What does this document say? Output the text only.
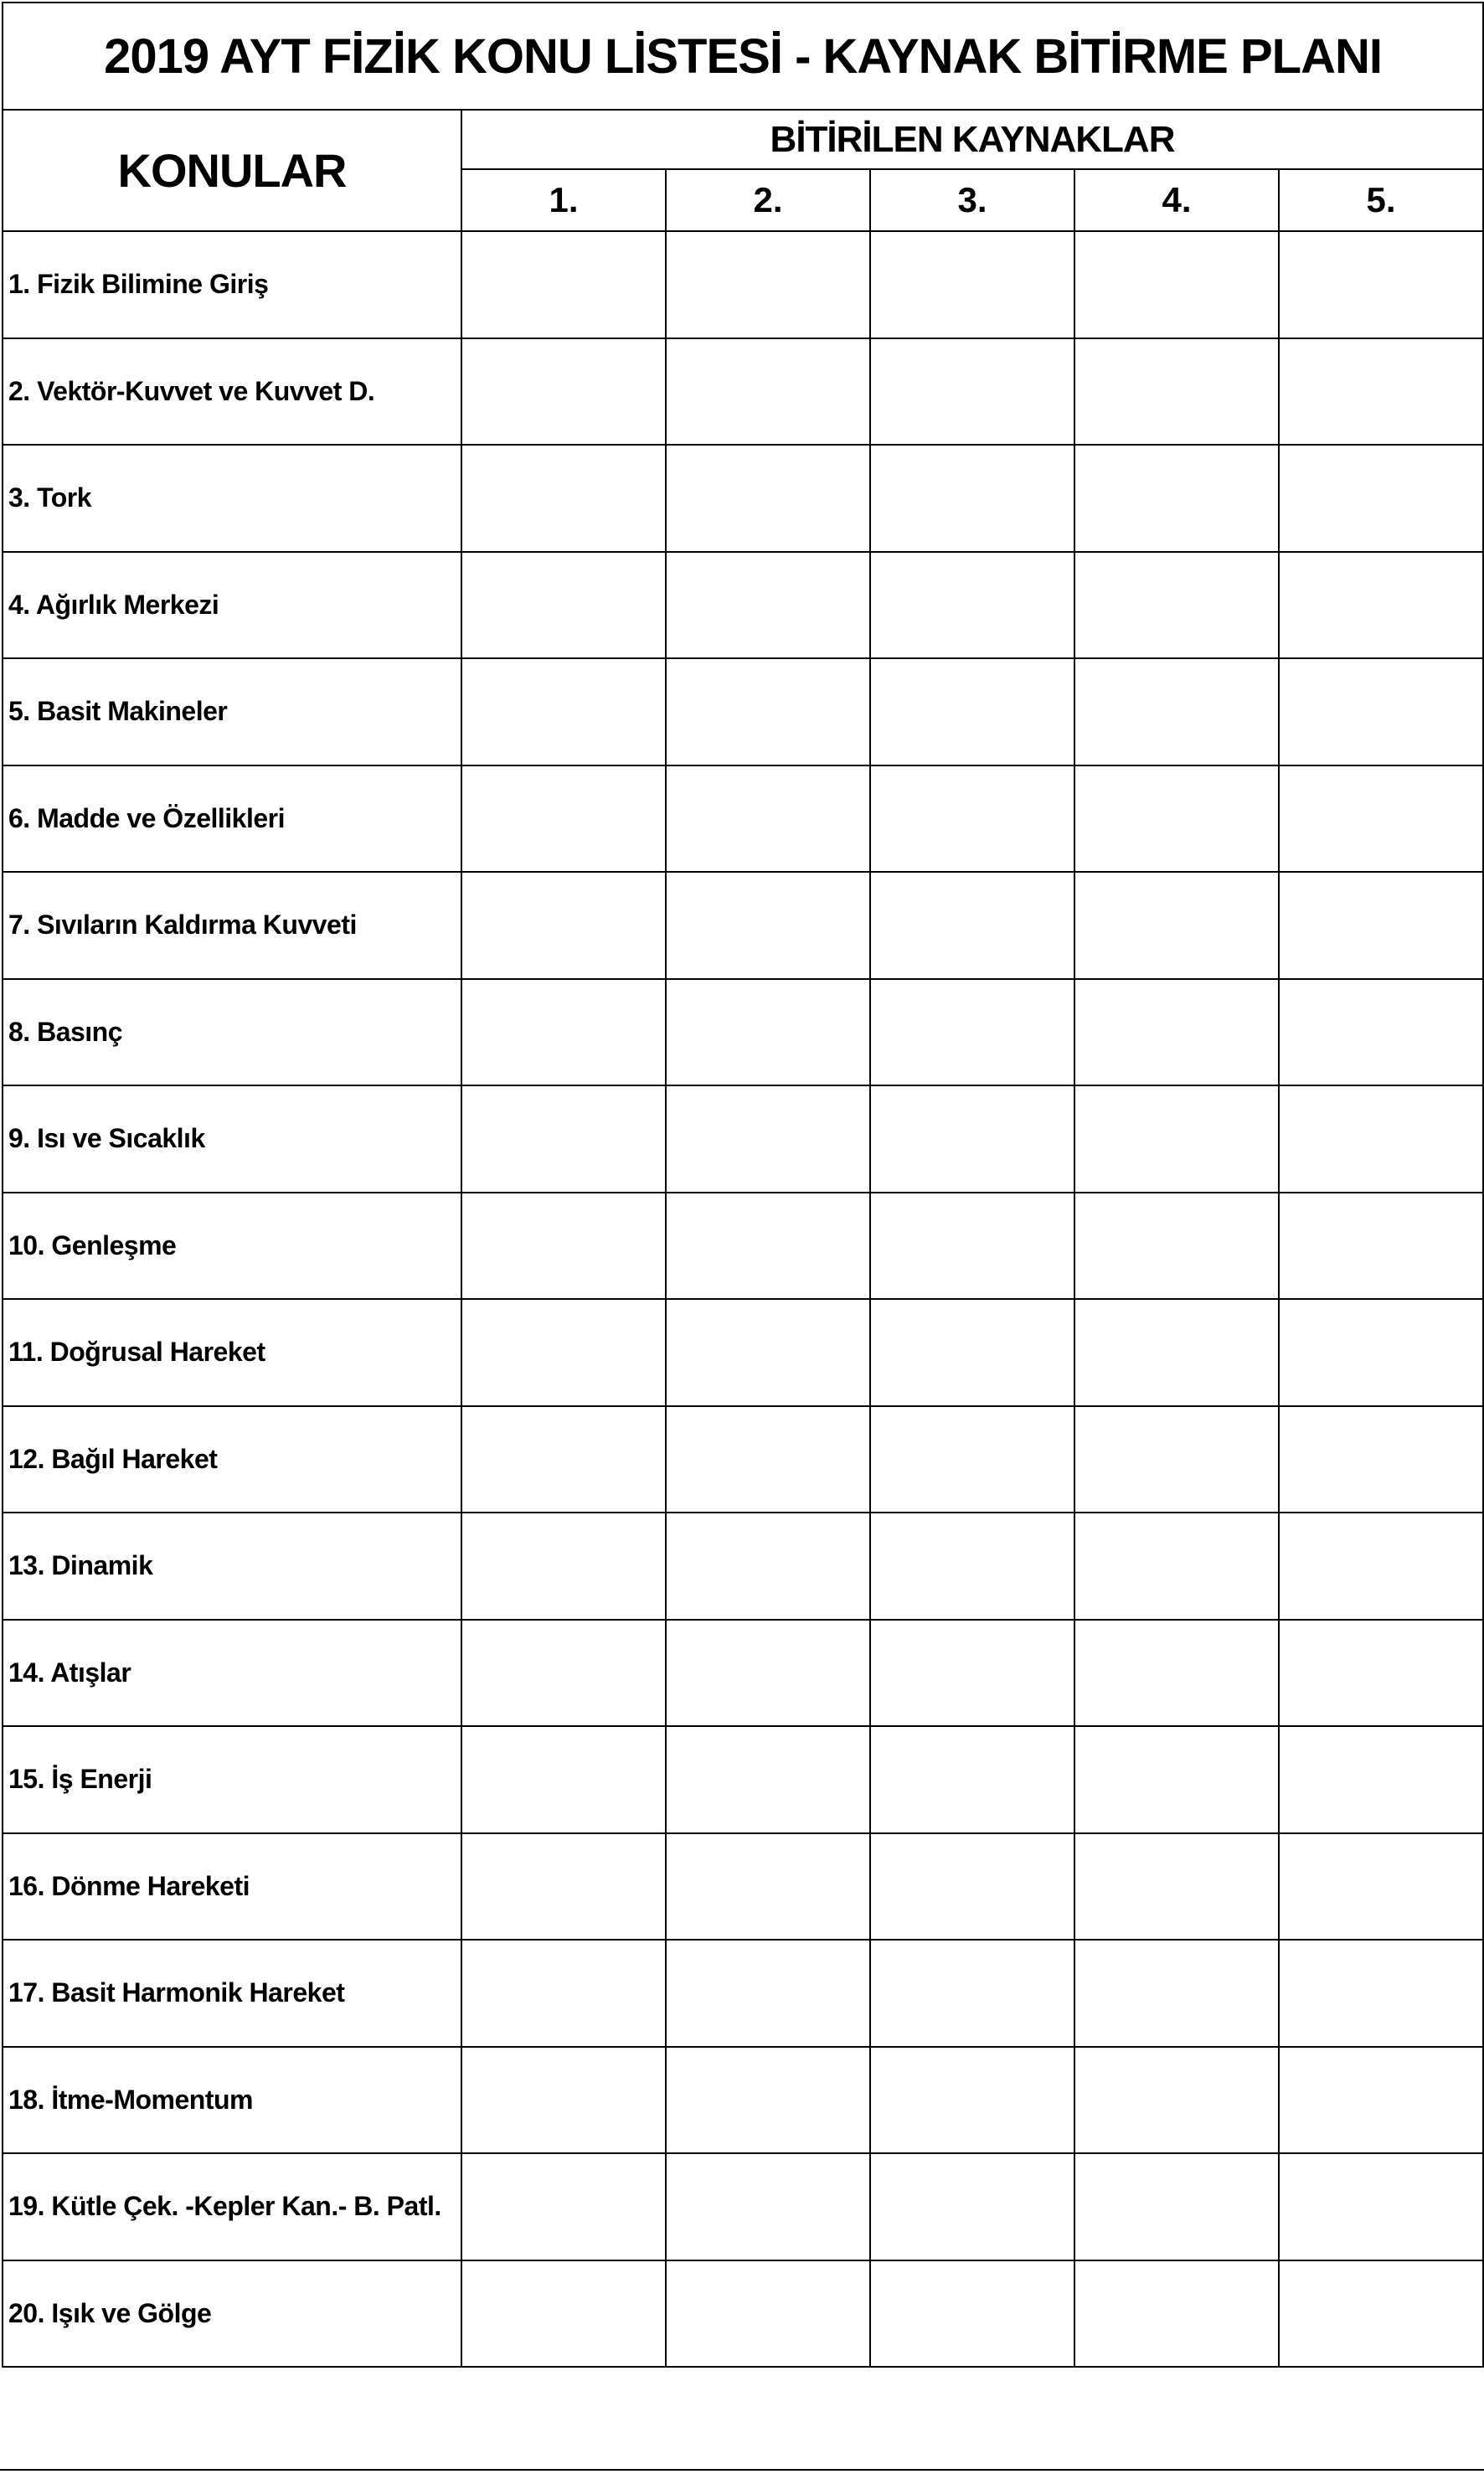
2019 AYT FİZİK KONU LİSTESİ - KAYNAK BİTİRME PLANI					
KONULAR	BİTİRİLEN KAYNAKLAR				
	1.	2.	3.	4.	5.
1. Fizik Bilimine Giriş					
2. Vektör-Kuvvet ve Kuvvet D.					
3. Tork					
4. Ağırlık Merkezi					
5. Basit Makineler					
6. Madde ve Özellikleri					
7. Sıvıların Kaldırma Kuvveti					
8. Basınç					
9. Isı ve Sıcaklık					
10. Genleşme					
11. Doğrusal Hareket					
12. Bağıl Hareket					
13. Dinamik					
14. Atışlar					
15. İş Enerji					
16. Dönme Hareketi					
17. Basit Harmonik Hareket					
18. İtme-Momentum					
19. Kütle Çek. -Kepler Kan.- B. Patl.					
20. Işık ve Gölge					
